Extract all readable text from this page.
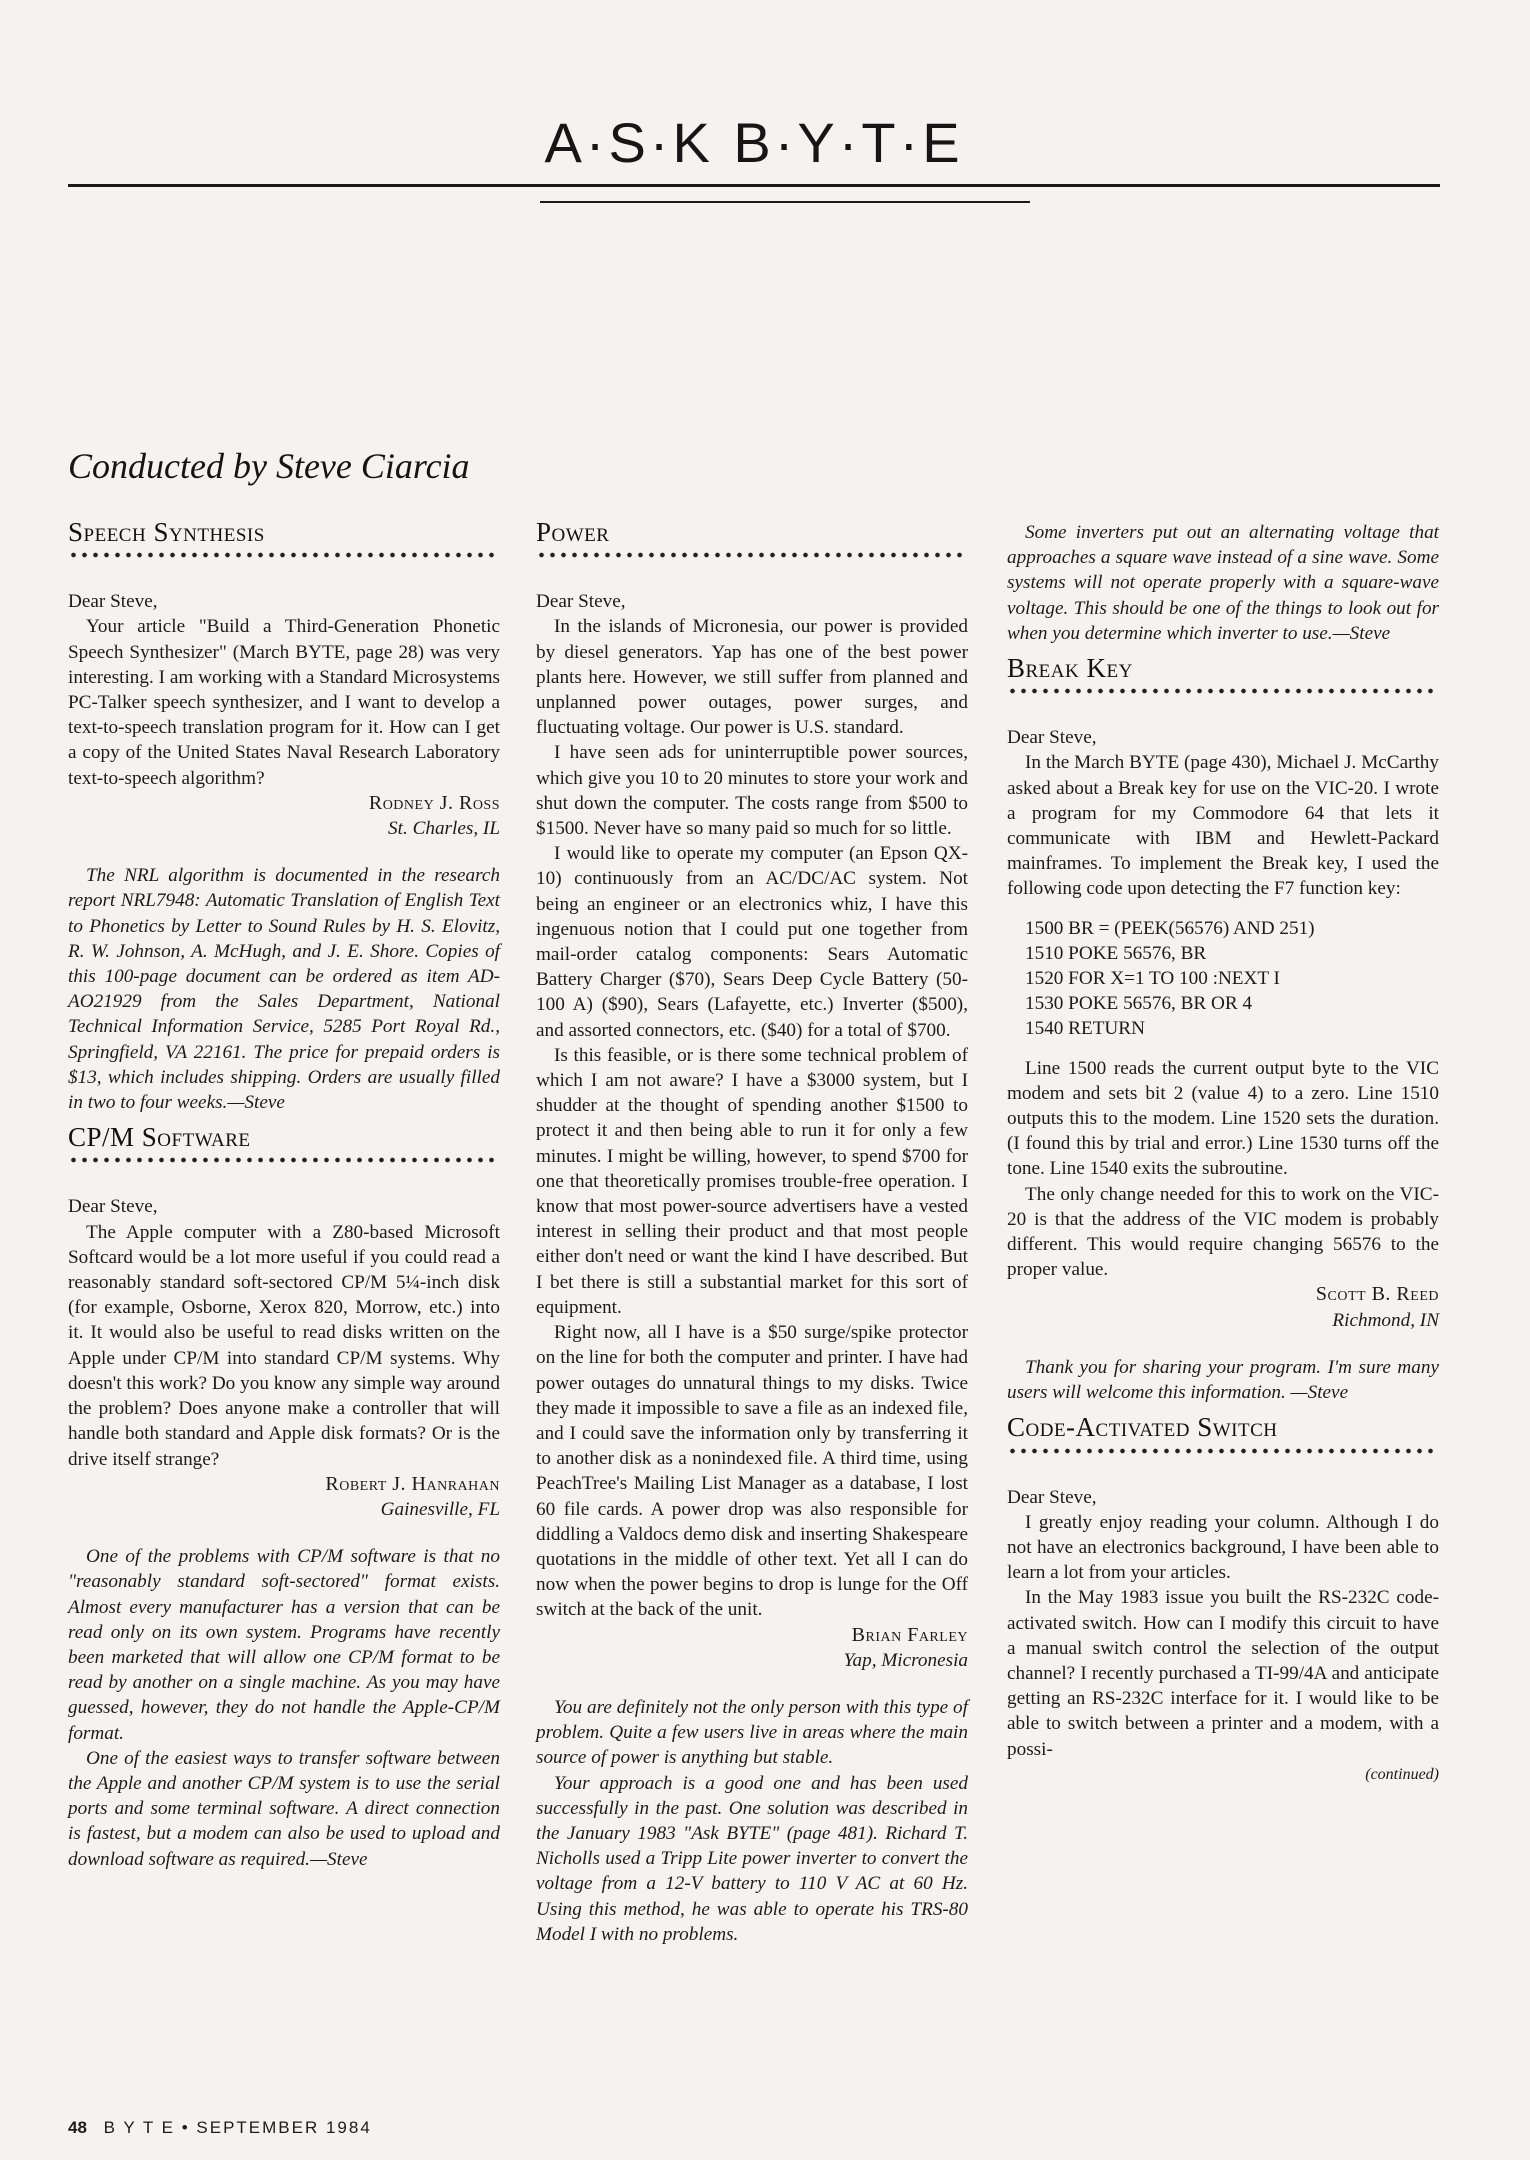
A·S·K B·Y·T·E
Conducted by Steve Ciarcia
Speech Synthesis

Dear Steve,

Your article "Build a Third-Generation Phonetic Speech Synthesizer" (March BYTE, page 28) was very interesting. I am working with a Standard Microsystems PC-Talker speech synthesizer, and I want to develop a text-to-speech translation program for it. How can I get a copy of the United States Naval Research Laboratory text-to-speech algorithm?

Rodney J. Ross
St. Charles, IL

The NRL algorithm is documented in the research report NRL7948: Automatic Translation of English Text to Phonetics by Letter to Sound Rules by H. S. Elovitz, R. W. Johnson, A. McHugh, and J. E. Shore. Copies of this 100-page document can be ordered as item AD-AO21929 from the Sales Department, National Technical Information Service, 5285 Port Royal Rd., Springfield, VA 22161. The price for prepaid orders is $13, which includes shipping. Orders are usually filled in two to four weeks.—Steve

CP/M Software

Dear Steve,

The Apple computer with a Z80-based Microsoft Softcard would be a lot more useful if you could read a reasonably standard soft-sectored CP/M 5¼-inch disk (for example, Osborne, Xerox 820, Morrow, etc.) into it. It would also be useful to read disks written on the Apple under CP/M into standard CP/M systems. Why doesn't this work? Do you know any simple way around the problem? Does anyone make a controller that will handle both standard and Apple disk formats? Or is the drive itself strange?

Robert J. Hanrahan
Gainesville, FL

One of the problems with CP/M software is that no "reasonably standard soft-sectored" format exists. Almost every manufacturer has a version that can be read only on its own system. Programs have recently been marketed that will allow one CP/M format to be read by another on a single machine. As you may have guessed, however, they do not handle the Apple-CP/M format.

One of the easiest ways to transfer software between the Apple and another CP/M system is to use the serial ports and some terminal software. A direct connection is fastest, but a modem can also be used to upload and download software as required.—Steve

Power

Dear Steve,

In the islands of Micronesia, our power is provided by diesel generators. Yap has one of the best power plants here. However, we still suffer from planned and unplanned power outages, power surges, and fluctuating voltage. Our power is U.S. standard.

I have seen ads for uninterruptible power sources, which give you 10 to 20 minutes to store your work and shut down the computer. The costs range from $500 to $1500. Never have so many paid so much for so little.

I would like to operate my computer (an Epson QX-10) continuously from an AC/DC/AC system. Not being an engineer or an electronics whiz, I have this ingenuous notion that I could put one together from mail-order catalog components: Sears Automatic Battery Charger ($70), Sears Deep Cycle Battery (50-100 A) ($90), Sears (Lafayette, etc.) Inverter ($500), and assorted connectors, etc. ($40) for a total of $700.

Is this feasible, or is there some technical problem of which I am not aware? I have a $3000 system, but I shudder at the thought of spending another $1500 to protect it and then being able to run it for only a few minutes. I might be willing, however, to spend $700 for one that theoretically promises trouble-free operation. I know that most power-source advertisers have a vested interest in selling their product and that most people either don't need or want the kind I have described. But I bet there is still a substantial market for this sort of equipment.

Right now, all I have is a $50 surge/spike protector on the line for both the computer and printer. I have had power outages do unnatural things to my disks. Twice they made it impossible to save a file as an indexed file, and I could save the information only by transferring it to another disk as a nonindexed file. A third time, using PeachTree's Mailing List Manager as a database, I lost 60 file cards. A power drop was also responsible for diddling a Valdocs demo disk and inserting Shakespeare quotations in the middle of other text. Yet all I can do now when the power begins to drop is lunge for the Off switch at the back of the unit.

Brian Farley
Yap, Micronesia

You are definitely not the only person with this type of problem. Quite a few users live in areas where the main source of power is anything but stable.

Your approach is a good one and has been used successfully in the past. One solution was described in the January 1983 "Ask BYTE" (page 481). Richard T. Nicholls used a Tripp Lite power inverter to convert the voltage from a 12-V battery to 110 V AC at 60 Hz. Using this method, he was able to operate his TRS-80 Model I with no problems.

Some inverters put out an alternating voltage that approaches a square wave instead of a sine wave. Some systems will not operate properly with a square-wave voltage. This should be one of the things to look out for when you determine which inverter to use.—Steve

Break Key

Dear Steve,

In the March BYTE (page 430), Michael J. McCarthy asked about a Break key for use on the VIC-20. I wrote a program for my Commodore 64 that lets it communicate with IBM and Hewlett-Packard mainframes. To implement the Break key, I used the following code upon detecting the F7 function key:

1500 BR = (PEEK(56576) AND 251)
1510 POKE 56576, BR
1520 FOR X=1 TO 100 :NEXT I
1530 POKE 56576, BR OR 4
1540 RETURN

Line 1500 reads the current output byte to the VIC modem and sets bit 2 (value 4) to a zero. Line 1510 outputs this to the modem. Line 1520 sets the duration. (I found this by trial and error.) Line 1530 turns off the tone. Line 1540 exits the subroutine.

The only change needed for this to work on the VIC-20 is that the address of the VIC modem is probably different. This would require changing 56576 to the proper value.

Scott B. Reed
Richmond, IN

Thank you for sharing your program. I'm sure many users will welcome this information. —Steve

Code-Activated Switch

Dear Steve,

I greatly enjoy reading your column. Although I do not have an electronics background, I have been able to learn a lot from your articles.

In the May 1983 issue you built the RS-232C code-activated switch. How can I modify this circuit to have a manual switch control the selection of the output channel? I recently purchased a TI-99/4A and anticipate getting an RS-232C interface for it. I would like to be able to switch between a printer and a modem, with a possi-

(continued)
48 B Y T E • SEPTEMBER 1984
